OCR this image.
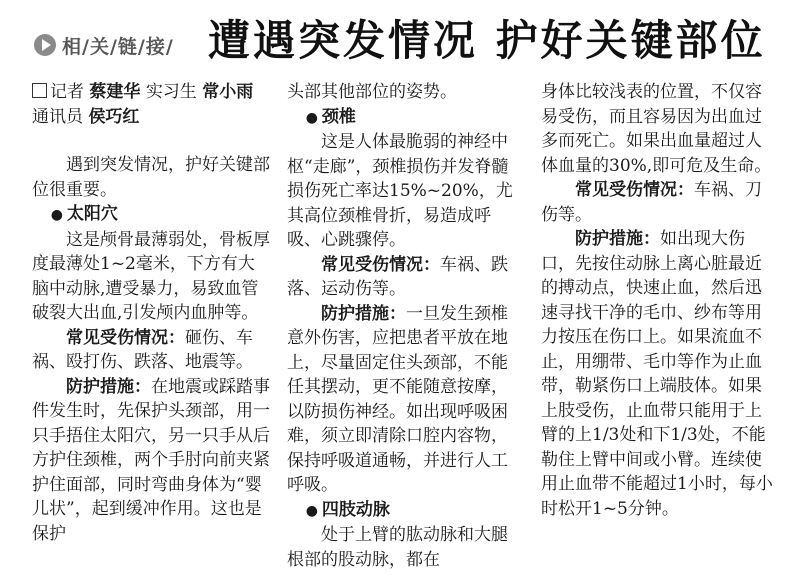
相/关/链/接/ 遭遇突发情况 护好关键部位

记者 蔡建华 实习生 常小雨 通讯员 侯巧红

遇到突发情况，护好关键部位很重要。

● 太阳穴

这是颅骨最薄弱处，骨板厚度最薄处1~2毫米，下方有大脑中动脉,遭受暴力，易致血管破裂大出血,引发颅内血肿等。

常见受伤情况：砸伤、车祸、殴打伤、跌落、地震等。

防护措施：在地震或踩踏事件发生时，先保护头颈部，用一只手捂住太阳穴，另一只手从后方护住颈椎，两个手肘向前夹紧护住面部，同时弯曲身体为“婴儿状”，起到缓冲作用。这也是保护

头部其他部位的姿势。

● 颈椎

这是人体最脆弱的神经中枢“走廊”，颈椎损伤并发脊髓损伤死亡率达15%~20%，尤其高位颈椎骨折，易造成呼吸、心跳骤停。

常见受伤情况：车祸、跌落、运动伤等。

防护措施：一旦发生颈椎意外伤害，应把患者平放在地上，尽量固定住头颈部，不能任其摆动，更不能随意按摩，以防损伤神经。如出现呼吸困难，须立即清除口腔内容物，保持呼吸道通畅，并进行人工呼吸。

● 四肢动脉

处于上臂的肱动脉和大腿根部的股动脉，都在

身体比较浅表的位置，不仅容易受伤，而且容易因为出血过多而死亡。如果出血量超过人体血量的30%,即可危及生命。

常见受伤情况：车祸、刀伤等。

防护措施：如出现大伤口，先按住动脉上离心脏最近的搏动点，快速止血，然后迅速寻找干净的毛巾、纱布等用力按压在伤口上。如果流血不止，用绷带、毛巾等作为止血带，勒紧伤口上端肢体。如果上肢受伤，止血带只能用于上臂的上1/3处和下1/3处，不能勒住上臂中间或小臂。连续使用止血带不能超过1小时，每小时松开1~5分钟。
